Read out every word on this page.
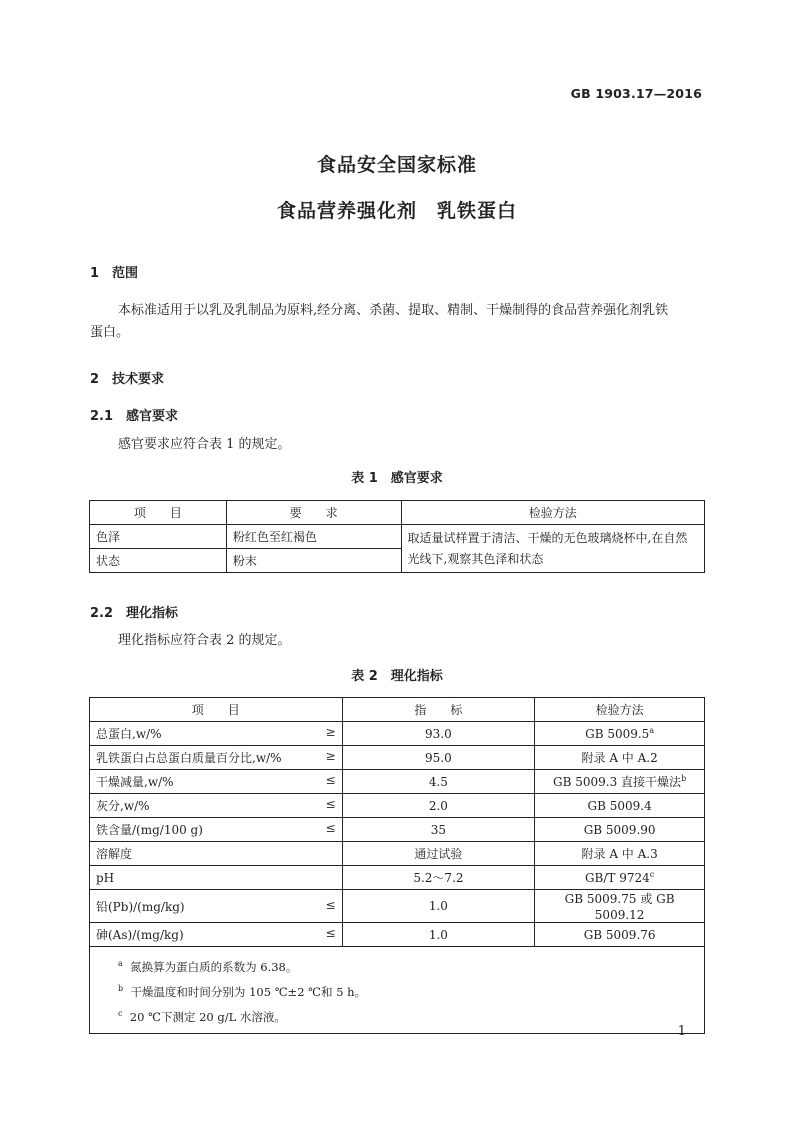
GB 1903.17—2016
食品安全国家标准
食品营养强化剂　乳铁蛋白
1　范围
本标准适用于以乳及乳制品为原料,经分离、杀菌、提取、精制、干燥制得的食品营养强化剂乳铁
蛋白。
2　技术要求
2.1　感官要求
感官要求应符合表 1 的规定。
表 1　感官要求
项　　目	要　　求	检验方法
色泽	粉红色至红褐色	取适量试样置于清洁、干燥的无色玻璃烧杯中,在自然
光线下,观察其色泽和状态

状态	粉末	
2.2　理化指标
理化指标应符合表 2 的规定。
表 2　理化指标
项　　目	指　　标	检验方法
总蛋白,w/% ≥	93.0	GB 5009.5$^a$
乳铁蛋白占总蛋白质量百分比,w/% ≥	95.0	附录 A 中 A.2
干燥减量,w/% ≤	4.5	GB 5009.3 直接干燥法$^b$
灰分,w/% ≤	2.0	GB 5009.4
铁含量/(mg/100 g) ≤	35	GB 5009.90
溶解度	通过试验	附录 A 中 A.3
pH	5.2～7.2	GB/T 9724$^c$
铅(Pb)/(mg/kg) ≤	1.0	GB 5009.75 或 GB 5009.12
砷(As)/(mg/kg) ≤	1.0	GB 5009.76

$^a$ 氮换算为蛋白质的系数为 6.38。
$^b$ 干燥温度和时间分别为 105 ℃±2 ℃和 5 h。
$^c$ 20 ℃下测定 20 g/L 水溶液。		
1
